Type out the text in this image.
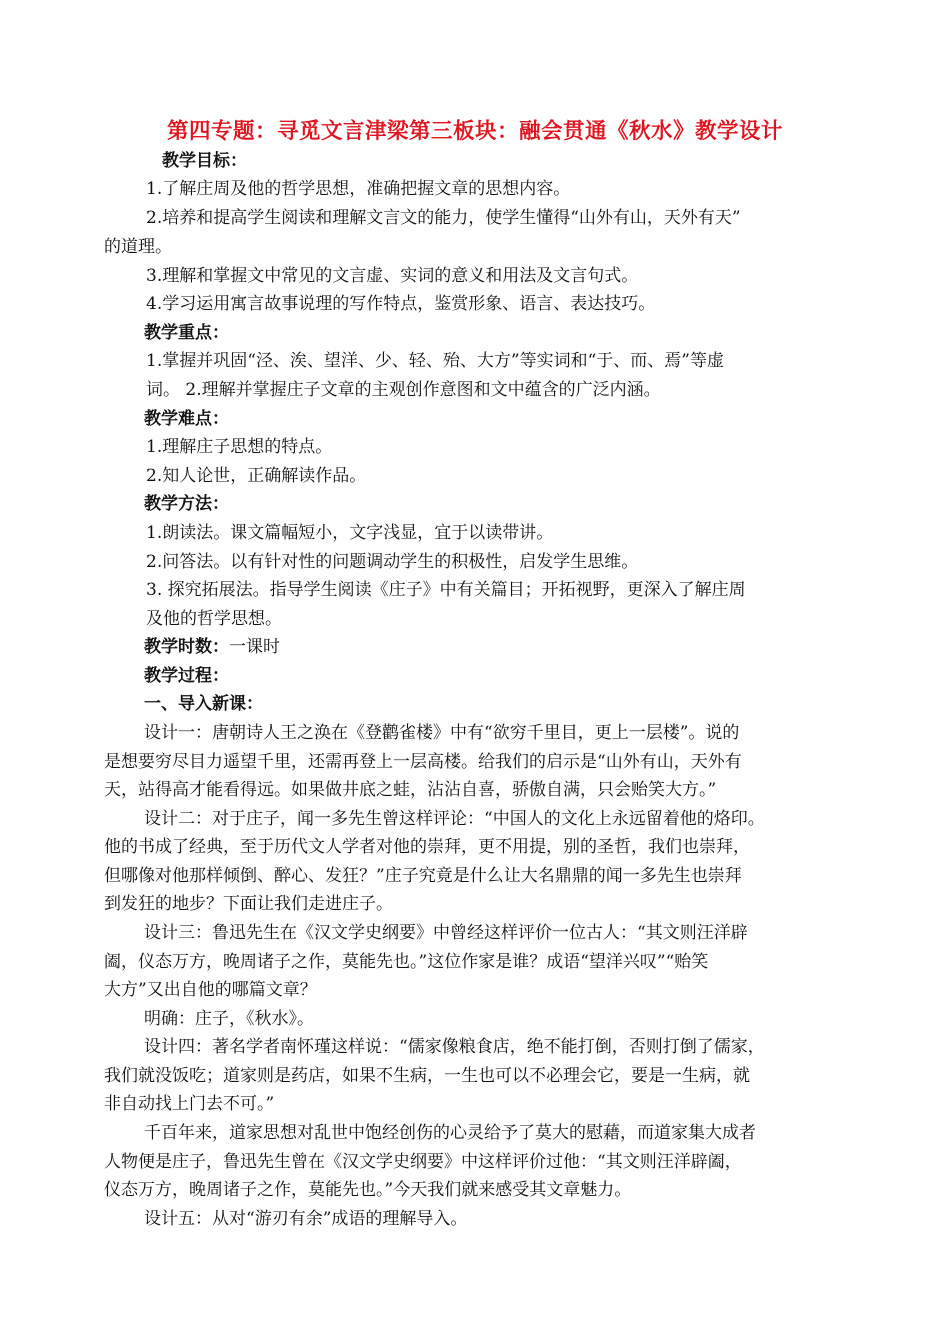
第四专题：寻觅文言津梁第三板块：融会贯通《秋水》教学设计
教学目标：
1.了解庄周及他的哲学思想，准确把握文章的思想内容。
2.培养和提高学生阅读和理解文言文的能力，使学生懂得“山外有山，天外有天”
的道理。
3.理解和掌握文中常见的文言虚、实词的意义和用法及文言句式。
4.学习运用寓言故事说理的写作特点，鉴赏形象、语言、表达技巧。
教学重点：
1.掌握并巩固“泾、涘、望洋、少、轻、殆、大方”等实词和“于、而、焉”等虚
词。 2.理解并掌握庄子文章的主观创作意图和文中蕴含的广泛内涵。
教学难点：
1.理解庄子思想的特点。
2.知人论世，正确解读作品。
教学方法：
1.朗读法。课文篇幅短小，文字浅显，宜于以读带讲。
2.问答法。以有针对性的问题调动学生的积极性，启发学生思维。
3. 探究拓展法。指导学生阅读《庄子》中有关篇目；开拓视野，更深入了解庄周
及他的哲学思想。
教学时数：一课时
教学过程：
一、导入新课：
设计一：唐朝诗人王之涣在《登鹳雀楼》中有“欲穷千里目，更上一层楼”。说的
是想要穷尽目力遥望千里，还需再登上一层高楼。给我们的启示是“山外有山，天外有
天，站得高才能看得远。如果做井底之蛙，沾沾自喜，骄傲自满，只会贻笑大方。”
设计二：对于庄子，闻一多先生曾这样评论：“中国人的文化上永远留着他的烙印。
他的书成了经典，至于历代文人学者对他的崇拜，更不用提，别的圣哲，我们也崇拜，
但哪像对他那样倾倒、醉心、发狂？”庄子究竟是什么让大名鼎鼎的闻一多先生也崇拜
到发狂的地步？下面让我们走进庄子。
设计三：鲁迅先生在《汉文学史纲要》中曾经这样评价一位古人：“其文则汪洋辟
阖，仪态万方，晚周诸子之作，莫能先也。”这位作家是谁？成语“望洋兴叹”“贻笑
大方”又出自他的哪篇文章？
明确：庄子，《秋水》。
设计四：著名学者南怀瑾这样说：“儒家像粮食店，绝不能打倒，否则打倒了儒家，
我们就没饭吃；道家则是药店，如果不生病，一生也可以不必理会它，要是一生病，就
非自动找上门去不可。”
千百年来，道家思想对乱世中饱经创伤的心灵给予了莫大的慰藉，而道家集大成者
人物便是庄子，鲁迅先生曾在《汉文学史纲要》中这样评价过他：“其文则汪洋辟阖，
仪态万方，晚周诸子之作，莫能先也。”今天我们就来感受其文章魅力。
设计五：从对“游刃有余”成语的理解导入。
